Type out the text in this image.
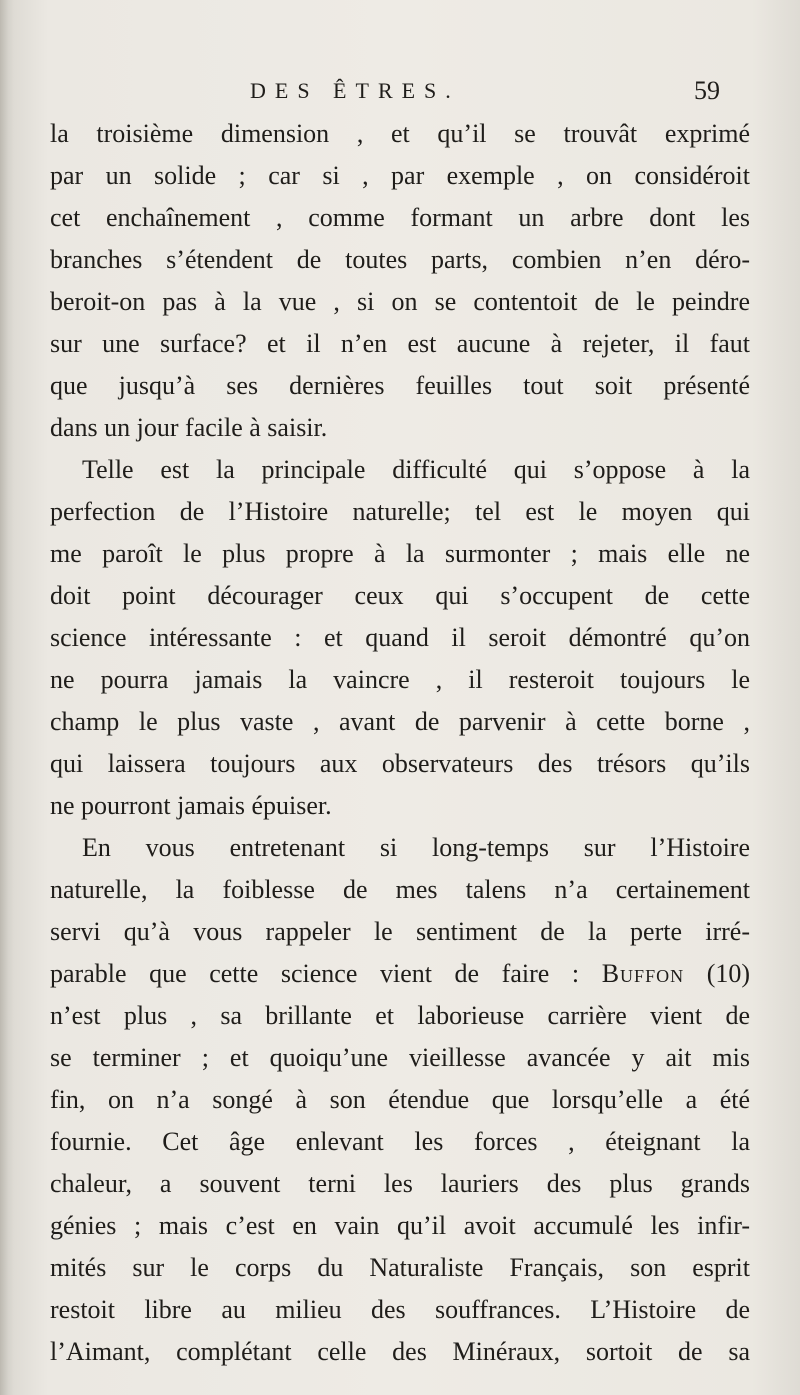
DES ÊTRES.	59
la troisième dimension , et qu’il se trouvât exprimé
par un solide ; car si , par exemple , on considéroit
cet enchaînement , comme formant un arbre dont les
branches s’étendent de toutes parts, combien n’en déro-
beroit-on pas à la vue , si on se contentoit de le peindre
sur une surface? et il n’en est aucune à rejeter, il faut
que jusqu’à ses dernières feuilles tout soit présenté
dans un jour facile à saisir.
Telle est la principale difficulté qui s’oppose à la
perfection de l’Histoire naturelle; tel est le moyen qui
me paroît le plus propre à la surmonter ; mais elle ne
doit point décourager ceux qui s’occupent de cette
science intéressante : et quand il seroit démontré qu’on
ne pourra jamais la vaincre , il resteroit toujours le
champ le plus vaste , avant de parvenir à cette borne ,
qui laissera toujours aux observateurs des trésors qu’ils
ne pourront jamais épuiser.
En vous entretenant si long-temps sur l’Histoire
naturelle, la foiblesse de mes talens n’a certainement
servi qu’à vous rappeler le sentiment de la perte irré-
parable que cette science vient de faire : Buffon (10)
n’est plus , sa brillante et laborieuse carrière vient de
se terminer ; et quoiqu’une vieillesse avancée y ait mis
fin, on n’a songé à son étendue que lorsqu’elle a été
fournie. Cet âge enlevant les forces , éteignant la
chaleur, a souvent terni les lauriers des plus grands
génies ; mais c’est en vain qu’il avoit accumulé les infir-
mités sur le corps du Naturaliste Français, son esprit
restoit libre au milieu des souffrances. L’Histoire de
l’Aimant, complétant celle des Minéraux, sortoit de sa
